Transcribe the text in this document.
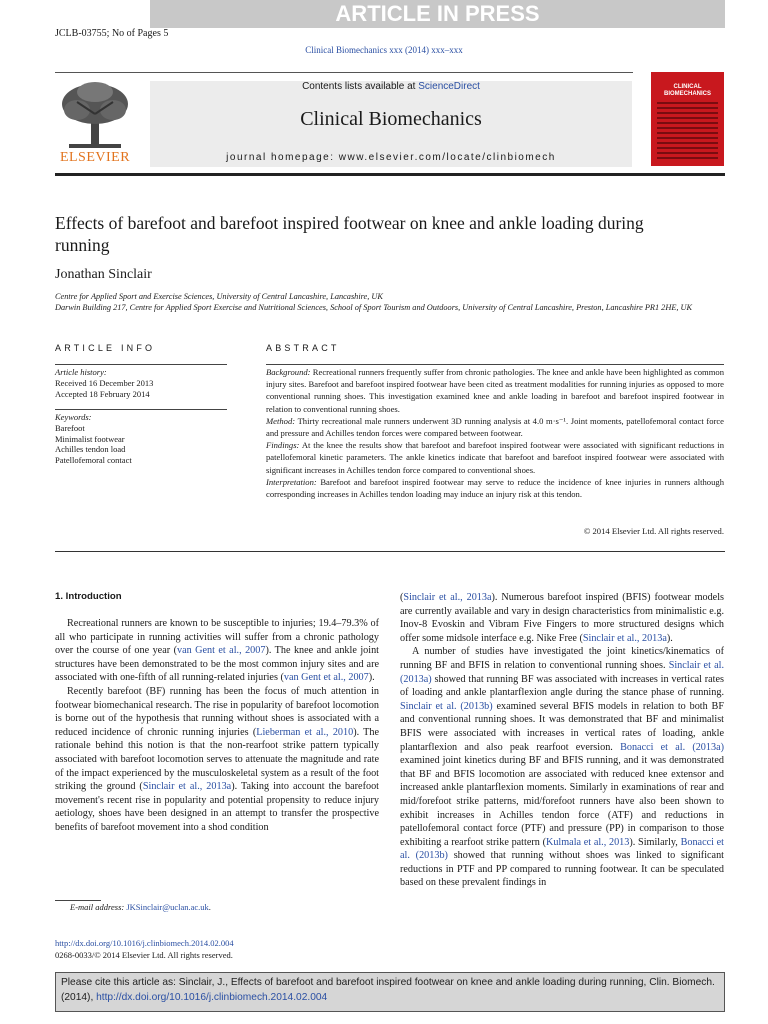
ARTICLE IN PRESS
JCLB-03755; No of Pages 5
Clinical Biomechanics xxx (2014) xxx–xxx
ELSEVIER
Contents lists available at ScienceDirect
Clinical Biomechanics
journal homepage: www.elsevier.com/locate/clinbiomech
CLINICAL BIOMECHANICS
Effects of barefoot and barefoot inspired footwear on knee and ankle loading during running
Jonathan Sinclair
Centre for Applied Sport and Exercise Sciences, University of Central Lancashire, Lancashire, UK
Darwin Building 217, Centre for Applied Sport Exercise and Nutritional Sciences, School of Sport Tourism and Outdoors, University of Central Lancashire, Preston, Lancashire PR1 2HE, UK
ARTICLE INFO
Article history:
Received 16 December 2013
Accepted 18 February 2014
Keywords:
Barefoot
Minimalist footwear
Achilles tendon load
Patellofemoral contact
ABSTRACT

Background: Recreational runners frequently suffer from chronic pathologies. The knee and ankle have been highlighted as common injury sites. Barefoot and barefoot inspired footwear have been cited as treatment modalities for running injuries as opposed to more conventional running shoes. This investigation examined knee and ankle loading in barefoot and barefoot inspired footwear in relation to conventional running shoes.

Method: Thirty recreational male runners underwent 3D running analysis at 4.0 m·s⁻¹. Joint moments, patellofemoral contact force and pressure and Achilles tendon forces were compared between footwear.

Findings: At the knee the results show that barefoot and barefoot inspired footwear were associated with significant reductions in patellofemoral kinetic parameters. The ankle kinetics indicate that barefoot and barefoot inspired footwear were associated with significant increases in Achilles tendon force compared to conventional shoes.

Interpretation: Barefoot and barefoot inspired footwear may serve to reduce the incidence of knee injuries in runners although corresponding increases in Achilles tendon loading may induce an injury risk at this tendon.

© 2014 Elsevier Ltd. All rights reserved.
1. Introduction

Recreational runners are known to be susceptible to injuries; 19.4–79.3% of all who participate in running activities will suffer from a chronic pathology over the course of one year (van Gent et al., 2007). The knee and ankle joint structures have been demonstrated to be the most common injury sites and are associated with one-fifth of all running-related injuries (van Gent et al., 2007).

Recently barefoot (BF) running has been the focus of much attention in footwear biomechanical research. The rise in popularity of barefoot locomotion is borne out of the hypothesis that running without shoes is associated with a reduced incidence of chronic running injuries (Lieberman et al., 2010). The rationale behind this notion is that the non-rearfoot strike pattern typically associated with barefoot locomotion serves to attenuate the magnitude and rate of the impact experienced by the musculoskeletal system as a result of the foot striking the ground (Sinclair et al., 2013a). Taking into account the barefoot movement's recent rise in popularity and potential propensity to reduce injury aetiology, shoes have been designed in an attempt to transfer the prospective benefits of barefoot movement into a shod condition

(Sinclair et al., 2013a). Numerous barefoot inspired (BFIS) footwear models are currently available and vary in design characteristics from minimalistic e.g. Inov-8 Evoskin and Vibram Five Fingers to more structured designs which offer some midsole interface e.g. Nike Free (Sinclair et al., 2013a).

A number of studies have investigated the joint kinetics/kinematics of running BF and BFIS in relation to conventional running shoes. Sinclair et al. (2013a) showed that running BF was associated with increases in vertical rates of loading and ankle plantarflexion angle during the stance phase of running. Sinclair et al. (2013b) examined several BFIS models in relation to both BF and conventional running shoes. It was demonstrated that BF and minimalist BFIS were associated with increases in vertical rates of loading, ankle plantarflexion and also peak rearfoot eversion. Bonacci et al. (2013a) examined joint kinetics during BF and BFIS running, and it was demonstrated that BF and BFIS locomotion are associated with reduced knee extensor and increased ankle plantarflexion moments. Similarly in examinations of rear and mid/forefoot strike patterns, mid/forefoot runners have also been shown to exhibit increases in Achilles tendon force (ATF) and reductions in patellofemoral contact force (PTF) and pressure (PP) in comparison to those exhibiting a rearfoot strike pattern (Kulmala et al., 2013). Similarly, Bonacci et al. (2013b) showed that running without shoes was linked to significant reductions in PTF and PP compared to running footwear. It can be speculated based on these prevalent findings in

E-mail address: JKSinclair@uclan.ac.uk.
http://dx.doi.org/10.1016/j.clinbiomech.2014.02.004
0268-0033/© 2014 Elsevier Ltd. All rights reserved.
Please cite this article as: Sinclair, J., Effects of barefoot and barefoot inspired footwear on knee and ankle loading during running, Clin. Biomech. (2014), http://dx.doi.org/10.1016/j.clinbiomech.2014.02.004
